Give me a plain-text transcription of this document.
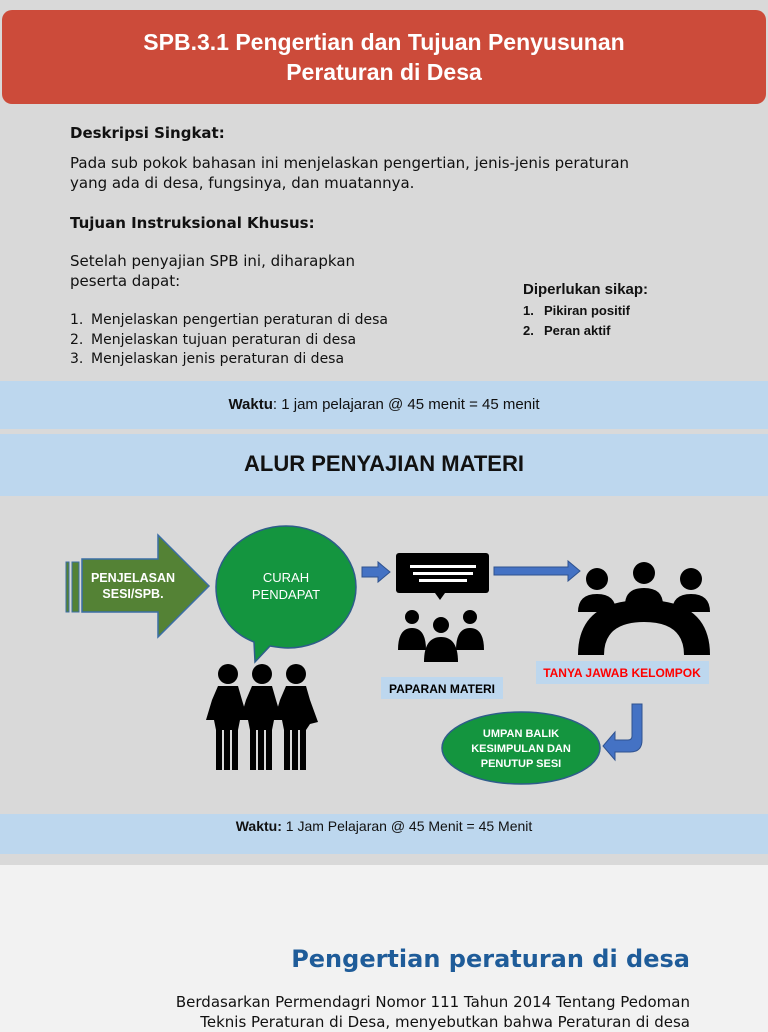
SPB.3.1 Pengertian dan Tujuan Penyusunan
Peraturan di Desa
Deskripsi Singkat:
Pada sub pokok bahasan ini menjelaskan pengertian, jenis-jenis peraturan
yang ada di desa, fungsinya, dan muatannya.
Tujuan Instruksional Khusus:
Setelah penyajian SPB ini, diharapkan
peserta dapat:
1. Menjelaskan pengertian peraturan di desa
2. Menjelaskan tujuan peraturan di desa
3. Menjelaskan jenis peraturan di desa
Diperlukan sikap:
1. Pikiran positif
2. Peran aktif
Waktu: 1 jam pelajaran @ 45 menit = 45 menit
ALUR PENYAJIAN MATERI
PENJELASAN
SESI/SPB.
CURAH
PENDAPAT
PAPARAN MATERI
TANYA JAWAB KELOMPOK
UMPAN BALIK
KESIMPULAN DAN
PENUTUP SESI
Waktu: 1 Jam Pelajaran @ 45 Menit = 45 Menit
Pengertian peraturan di desa
Berdasarkan Permendagri Nomor 111 Tahun 2014 Tentang Pedoman
Teknis Peraturan di Desa, menyebutkan bahwa Peraturan di desa
